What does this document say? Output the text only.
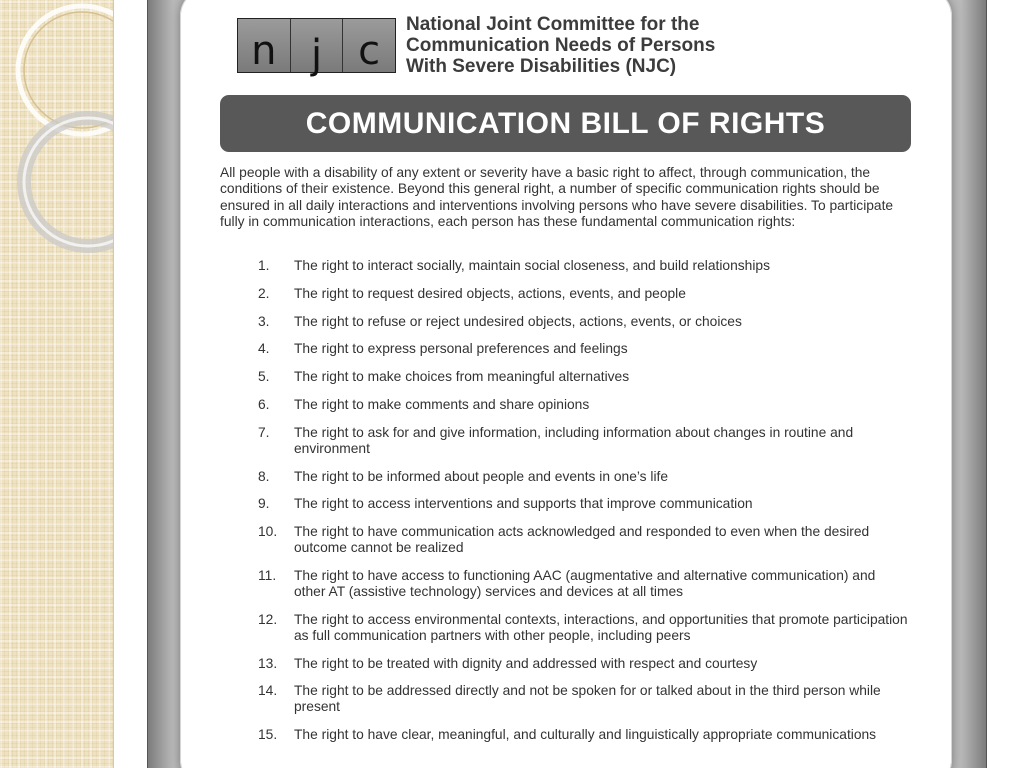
n j c
National Joint Committee for the
Communication Needs of Persons
With Severe Disabilities (NJC)
COMMUNICATION BILL OF RIGHTS

All people with a disability of any extent or severity have a basic right to affect, through communication, the conditions of their existence. Beyond this general right, a number of specific communication rights should be ensured in all daily interactions and interventions involving persons who have severe disabilities. To participate fully in communication interactions, each person has these fundamental communication rights:

1.	The right to interact socially, maintain social closeness, and build relationships
2.	The right to request desired objects, actions, events, and people
3.	The right to refuse or reject undesired objects, actions, events, or choices
4.	The right to express personal preferences and feelings
5.	The right to make choices from meaningful alternatives
6.	The right to make comments and share opinions
7.	The right to ask for and give information, including information about changes in routine and environment
8.	The right to be informed about people and events in one’s life
9.	The right to access interventions and supports that improve communication
10.	The right to have communication acts acknowledged and responded to even when the desired outcome cannot be realized
11.	The right to have access to functioning AAC (augmentative and alternative communication) and other AT (assistive technology) services and devices at all times
12.	The right to access environmental contexts, interactions, and opportunities that promote participation as full communication partners with other people, including peers
13.	The right to be treated with dignity and addressed with respect and courtesy
14.	The right to be addressed directly and not be spoken for or talked about in the third person while present
15.	The right to have clear, meaningful, and culturally and linguistically appropriate communications
